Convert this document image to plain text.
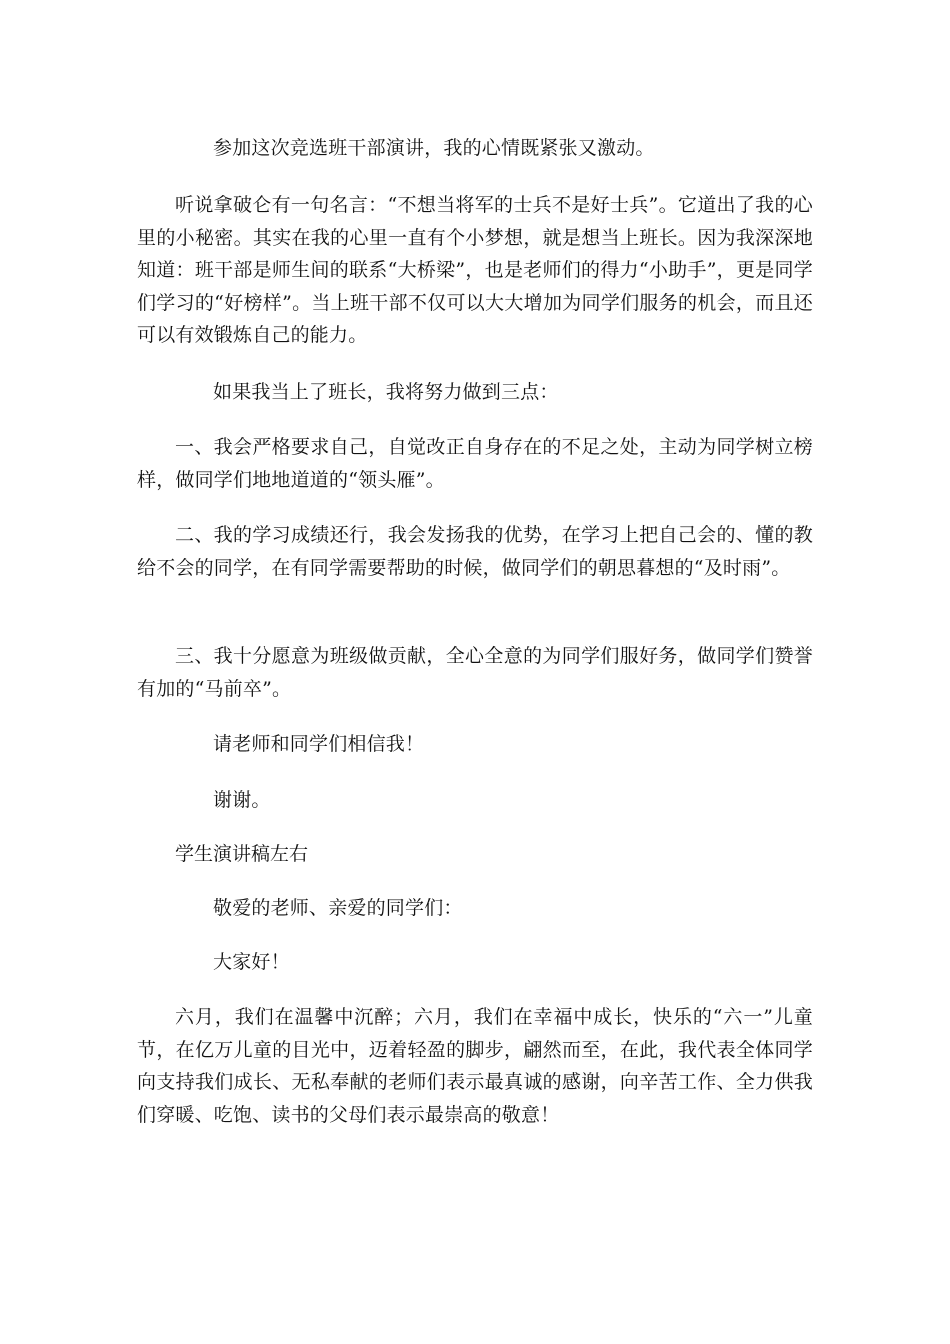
参加这次竞选班干部演讲，我的心情既紧张又激动。

听说拿破仑有一句名言：“不想当将军的士兵不是好士兵”。它道出了我的心里的小秘密。其实在我的心里一直有个小梦想，就是想当上班长。因为我深深地知道：班干部是师生间的联系“大桥梁”，也是老师们的得力“小助手”，更是同学们学习的“好榜样”。当上班干部不仅可以大大增加为同学们服务的机会，而且还可以有效锻炼自己的能力。

如果我当上了班长，我将努力做到三点：

一、我会严格要求自己，自觉改正自身存在的不足之处，主动为同学树立榜样，做同学们地地道道的“领头雁”。

二、我的学习成绩还行，我会发扬我的优势，在学习上把自己会的、懂的教给不会的同学，在有同学需要帮助的时候，做同学们的朝思暮想的“及时雨”。

三、我十分愿意为班级做贡献，全心全意的为同学们服好务，做同学们赞誉有加的“马前卒”。

请老师和同学们相信我！

谢谢。

学生演讲稿左右

敬爱的老师、亲爱的同学们：

大家好！

六月，我们在温馨中沉醉；六月，我们在幸福中成长，快乐的“六一”儿童节，在亿万儿童的目光中，迈着轻盈的脚步，翩然而至，在此，我代表全体同学向支持我们成长、无私奉献的老师们表示最真诚的感谢，向辛苦工作、全力供我们穿暖、吃饱、读书的父母们表示最崇高的敬意！
